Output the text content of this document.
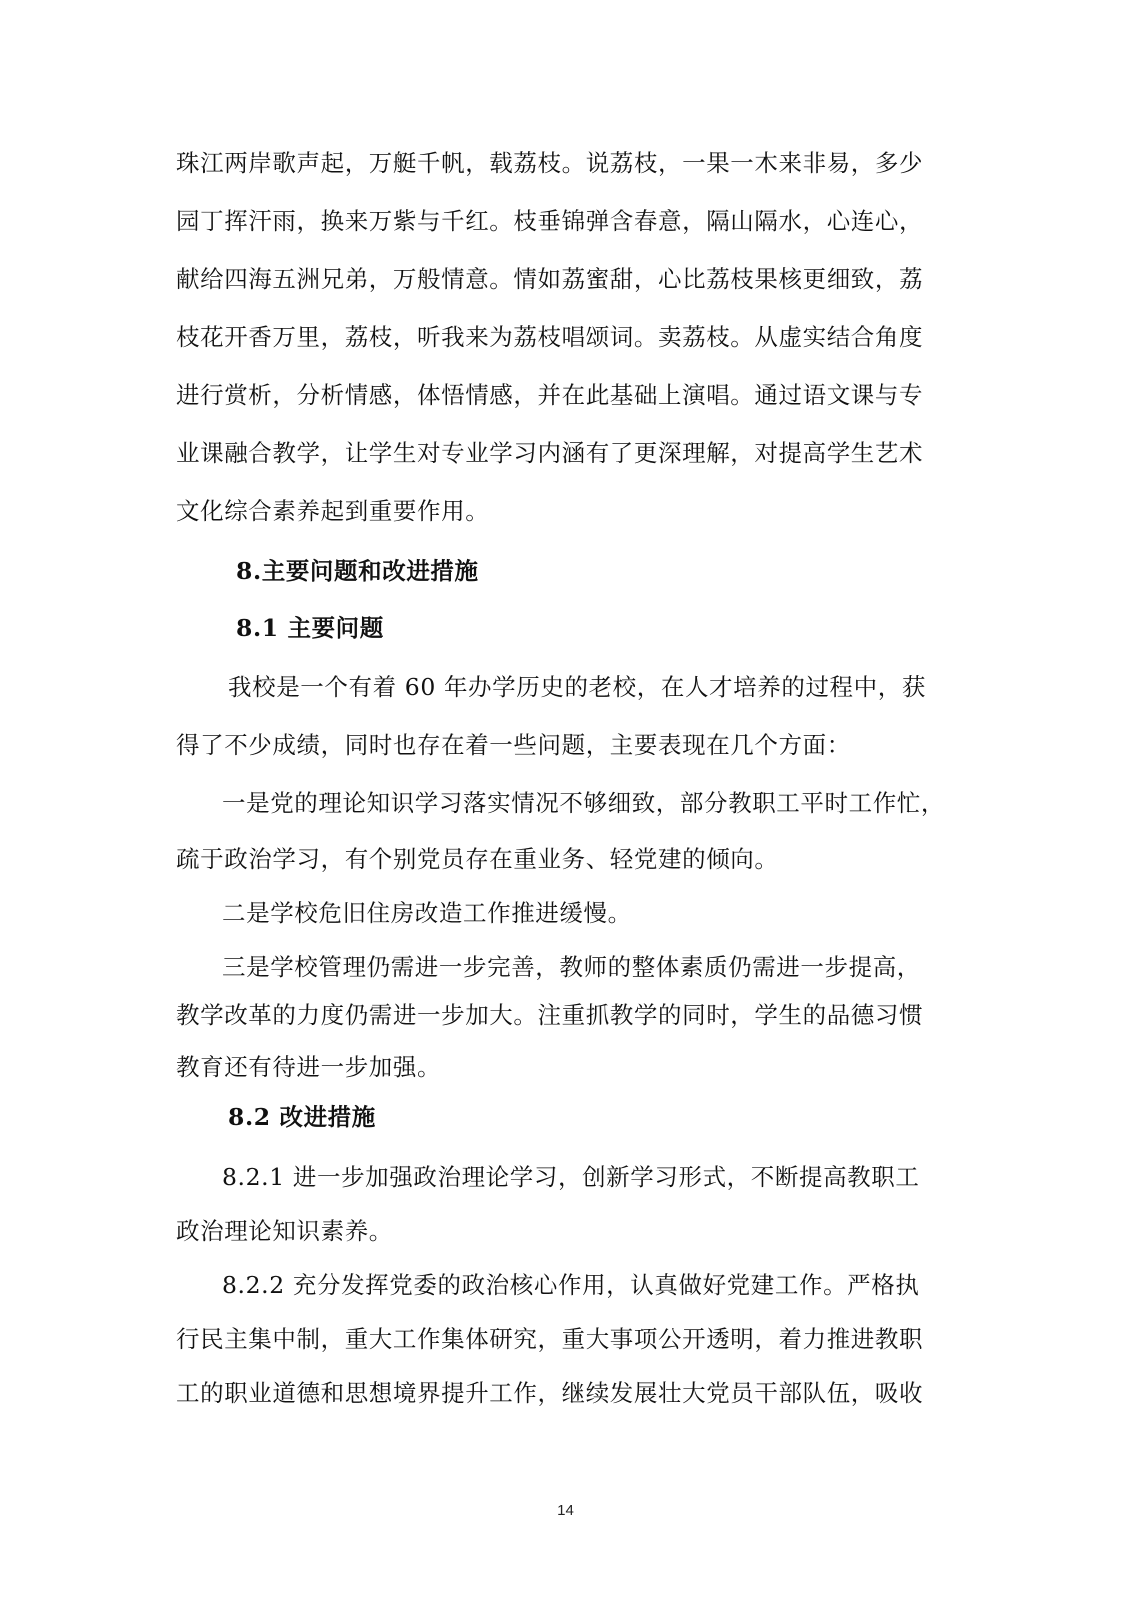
珠江两岸歌声起，万艇千帆，载荔枝。说荔枝，一果一木来非易，多少
园丁挥汗雨，换来万紫与千红。枝垂锦弹含春意，隔山隔水，心连心，
献给四海五洲兄弟，万般情意。情如荔蜜甜，心比荔枝果核更细致，荔
枝花开香万里，荔枝，听我来为荔枝唱颂词。卖荔枝。从虚实结合角度
进行赏析，分析情感，体悟情感，并在此基础上演唱。通过语文课与专
业课融合教学，让学生对专业学习内涵有了更深理解，对提高学生艺术
文化综合素养起到重要作用。
8.主要问题和改进措施
8.1 主要问题
我校是一个有着 60 年办学历史的老校，在人才培养的过程中，获
得了不少成绩，同时也存在着一些问题，主要表现在几个方面：
一是党的理论知识学习落实情况不够细致，部分教职工平时工作忙，
疏于政治学习，有个别党员存在重业务、轻党建的倾向。
二是学校危旧住房改造工作推进缓慢。
三是学校管理仍需进一步完善，教师的整体素质仍需进一步提高，
教学改革的力度仍需进一步加大。注重抓教学的同时，学生的品德习惯
教育还有待进一步加强。
8.2 改进措施
8.2.1 进一步加强政治理论学习，创新学习形式，不断提高教职工
政治理论知识素养。
8.2.2 充分发挥党委的政治核心作用，认真做好党建工作。严格执
行民主集中制，重大工作集体研究，重大事项公开透明，着力推进教职
工的职业道德和思想境界提升工作，继续发展壮大党员干部队伍，吸收
14
